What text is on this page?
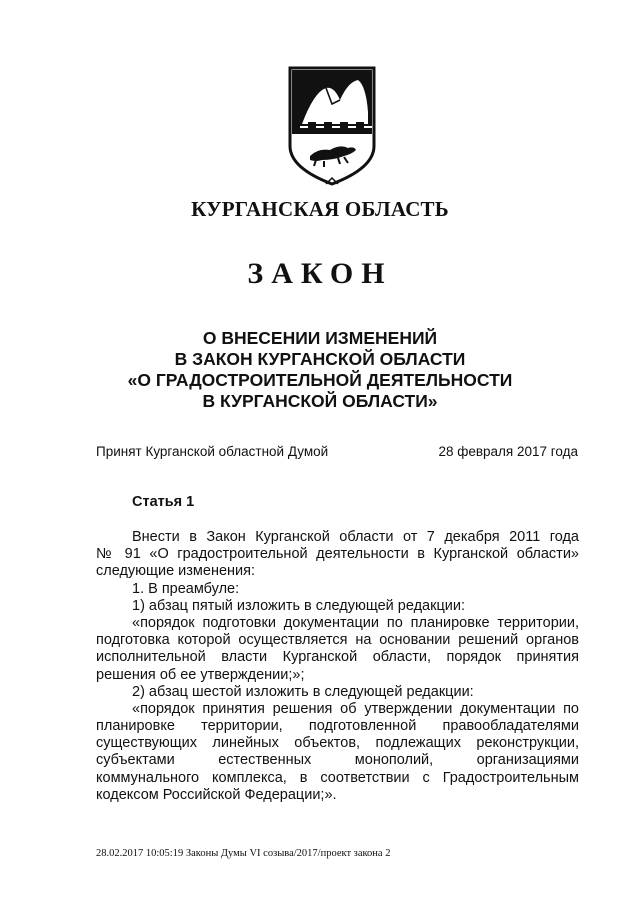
КУРГАНСКАЯ ОБЛАСТЬ
ЗАКОН
О ВНЕСЕНИИ ИЗМЕНЕНИЙ
В ЗАКОН КУРГАНСКОЙ ОБЛАСТИ
«О ГРАДОСТРОИТЕЛЬНОЙ ДЕЯТЕЛЬНОСТИ
В КУРГАНСКОЙ ОБЛАСТИ»
Принят Курганской областной Думой	28 февраля 2017 года
Статья 1
Внести в Закон Курганской области от 7 декабря 2011 года
№ 91 «О градостроительной деятельности в Курганской области»
следующие изменения:
1. В преамбуле:
1) абзац пятый изложить в следующей редакции:
«порядок подготовки документации по планировке территории,
подготовка которой осуществляется на основании решений органов
исполнительной власти Курганской области, порядок принятия
решения об ее утверждении;»;
2) абзац шестой изложить в следующей редакции:
«порядок принятия решения об утверждении документации по
планировке территории, подготовленной правообладателями
существующих линейных объектов, подлежащих реконструкции,
субъектами естественных монополий, организациями
коммунального комплекса, в соответствии с Градостроительным
кодексом Российской Федерации;».
28.02.2017 10:05:19 Законы Думы VI созыва/2017/проект закона 2
